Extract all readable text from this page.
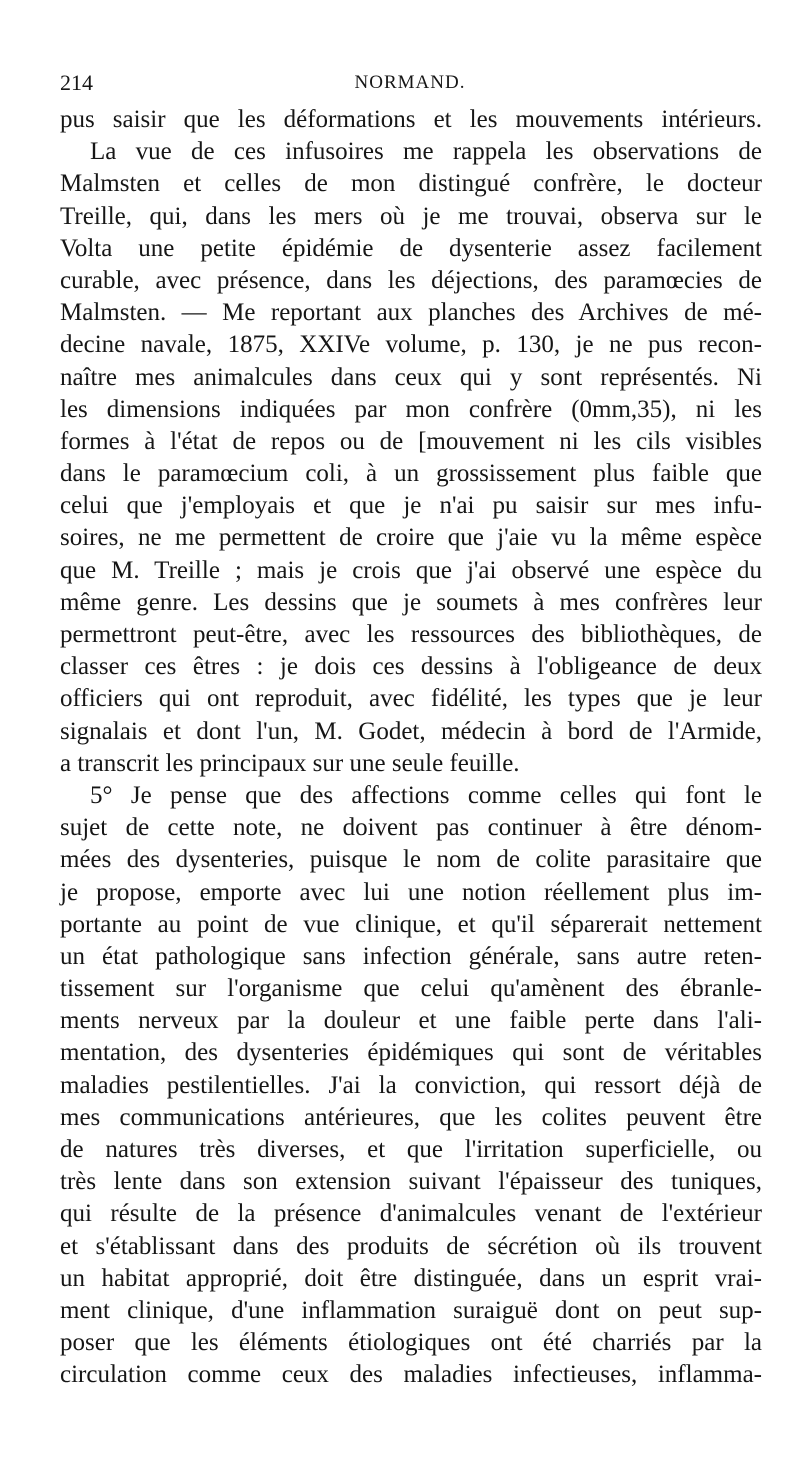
214	NORMAND.
pus saisir que les déformations et les mouvements intérieurs.
La vue de ces infusoires me rappela les observations de
Malmsten et celles de mon distingué confrère, le docteur
Treille, qui, dans les mers où je me trouvai, observa sur le
Volta une petite épidémie de dysenterie assez facilement
curable, avec présence, dans les déjections, des paramœcies de
Malmsten. — Me reportant aux planches des Archives de mé-
decine navale, 1875, XXIVe volume, p. 130, je ne pus recon-
naître mes animalcules dans ceux qui y sont représentés. Ni
les dimensions indiquées par mon confrère (0mm,35), ni les
formes à l'état de repos ou de [mouvement ni les cils visibles
dans le paramœcium coli, à un grossissement plus faible que
celui que j'employais et que je n'ai pu saisir sur mes infu-
soires, ne me permettent de croire que j'aie vu la même espèce
que M. Treille ; mais je crois que j'ai observé une espèce du
même genre. Les dessins que je soumets à mes confrères leur
permettront peut-être, avec les ressources des bibliothèques, de
classer ces êtres : je dois ces dessins à l'obligeance de deux
officiers qui ont reproduit, avec fidélité, les types que je leur
signalais et dont l'un, M. Godet, médecin à bord de l'Armide,
a transcrit les principaux sur une seule feuille.
5° Je pense que des affections comme celles qui font le
sujet de cette note, ne doivent pas continuer à être dénom-
mées des dysenteries, puisque le nom de colite parasitaire que
je propose, emporte avec lui une notion réellement plus im-
portante au point de vue clinique, et qu'il séparerait nettement
un état pathologique sans infection générale, sans autre reten-
tissement sur l'organisme que celui qu'amènent des ébranle-
ments nerveux par la douleur et une faible perte dans l'ali-
mentation, des dysenteries épidémiques qui sont de véritables
maladies pestilentielles. J'ai la conviction, qui ressort déjà de
mes communications antérieures, que les colites peuvent être
de natures très diverses, et que l'irritation superficielle, ou
très lente dans son extension suivant l'épaisseur des tuniques,
qui résulte de la présence d'animalcules venant de l'extérieur
et s'établissant dans des produits de sécrétion où ils trouvent
un habitat approprié, doit être distinguée, dans un esprit vrai-
ment clinique, d'une inflammation suraiguë dont on peut sup-
poser que les éléments étiologiques ont été charriés par la
circulation comme ceux des maladies infectieuses, inflamma-
